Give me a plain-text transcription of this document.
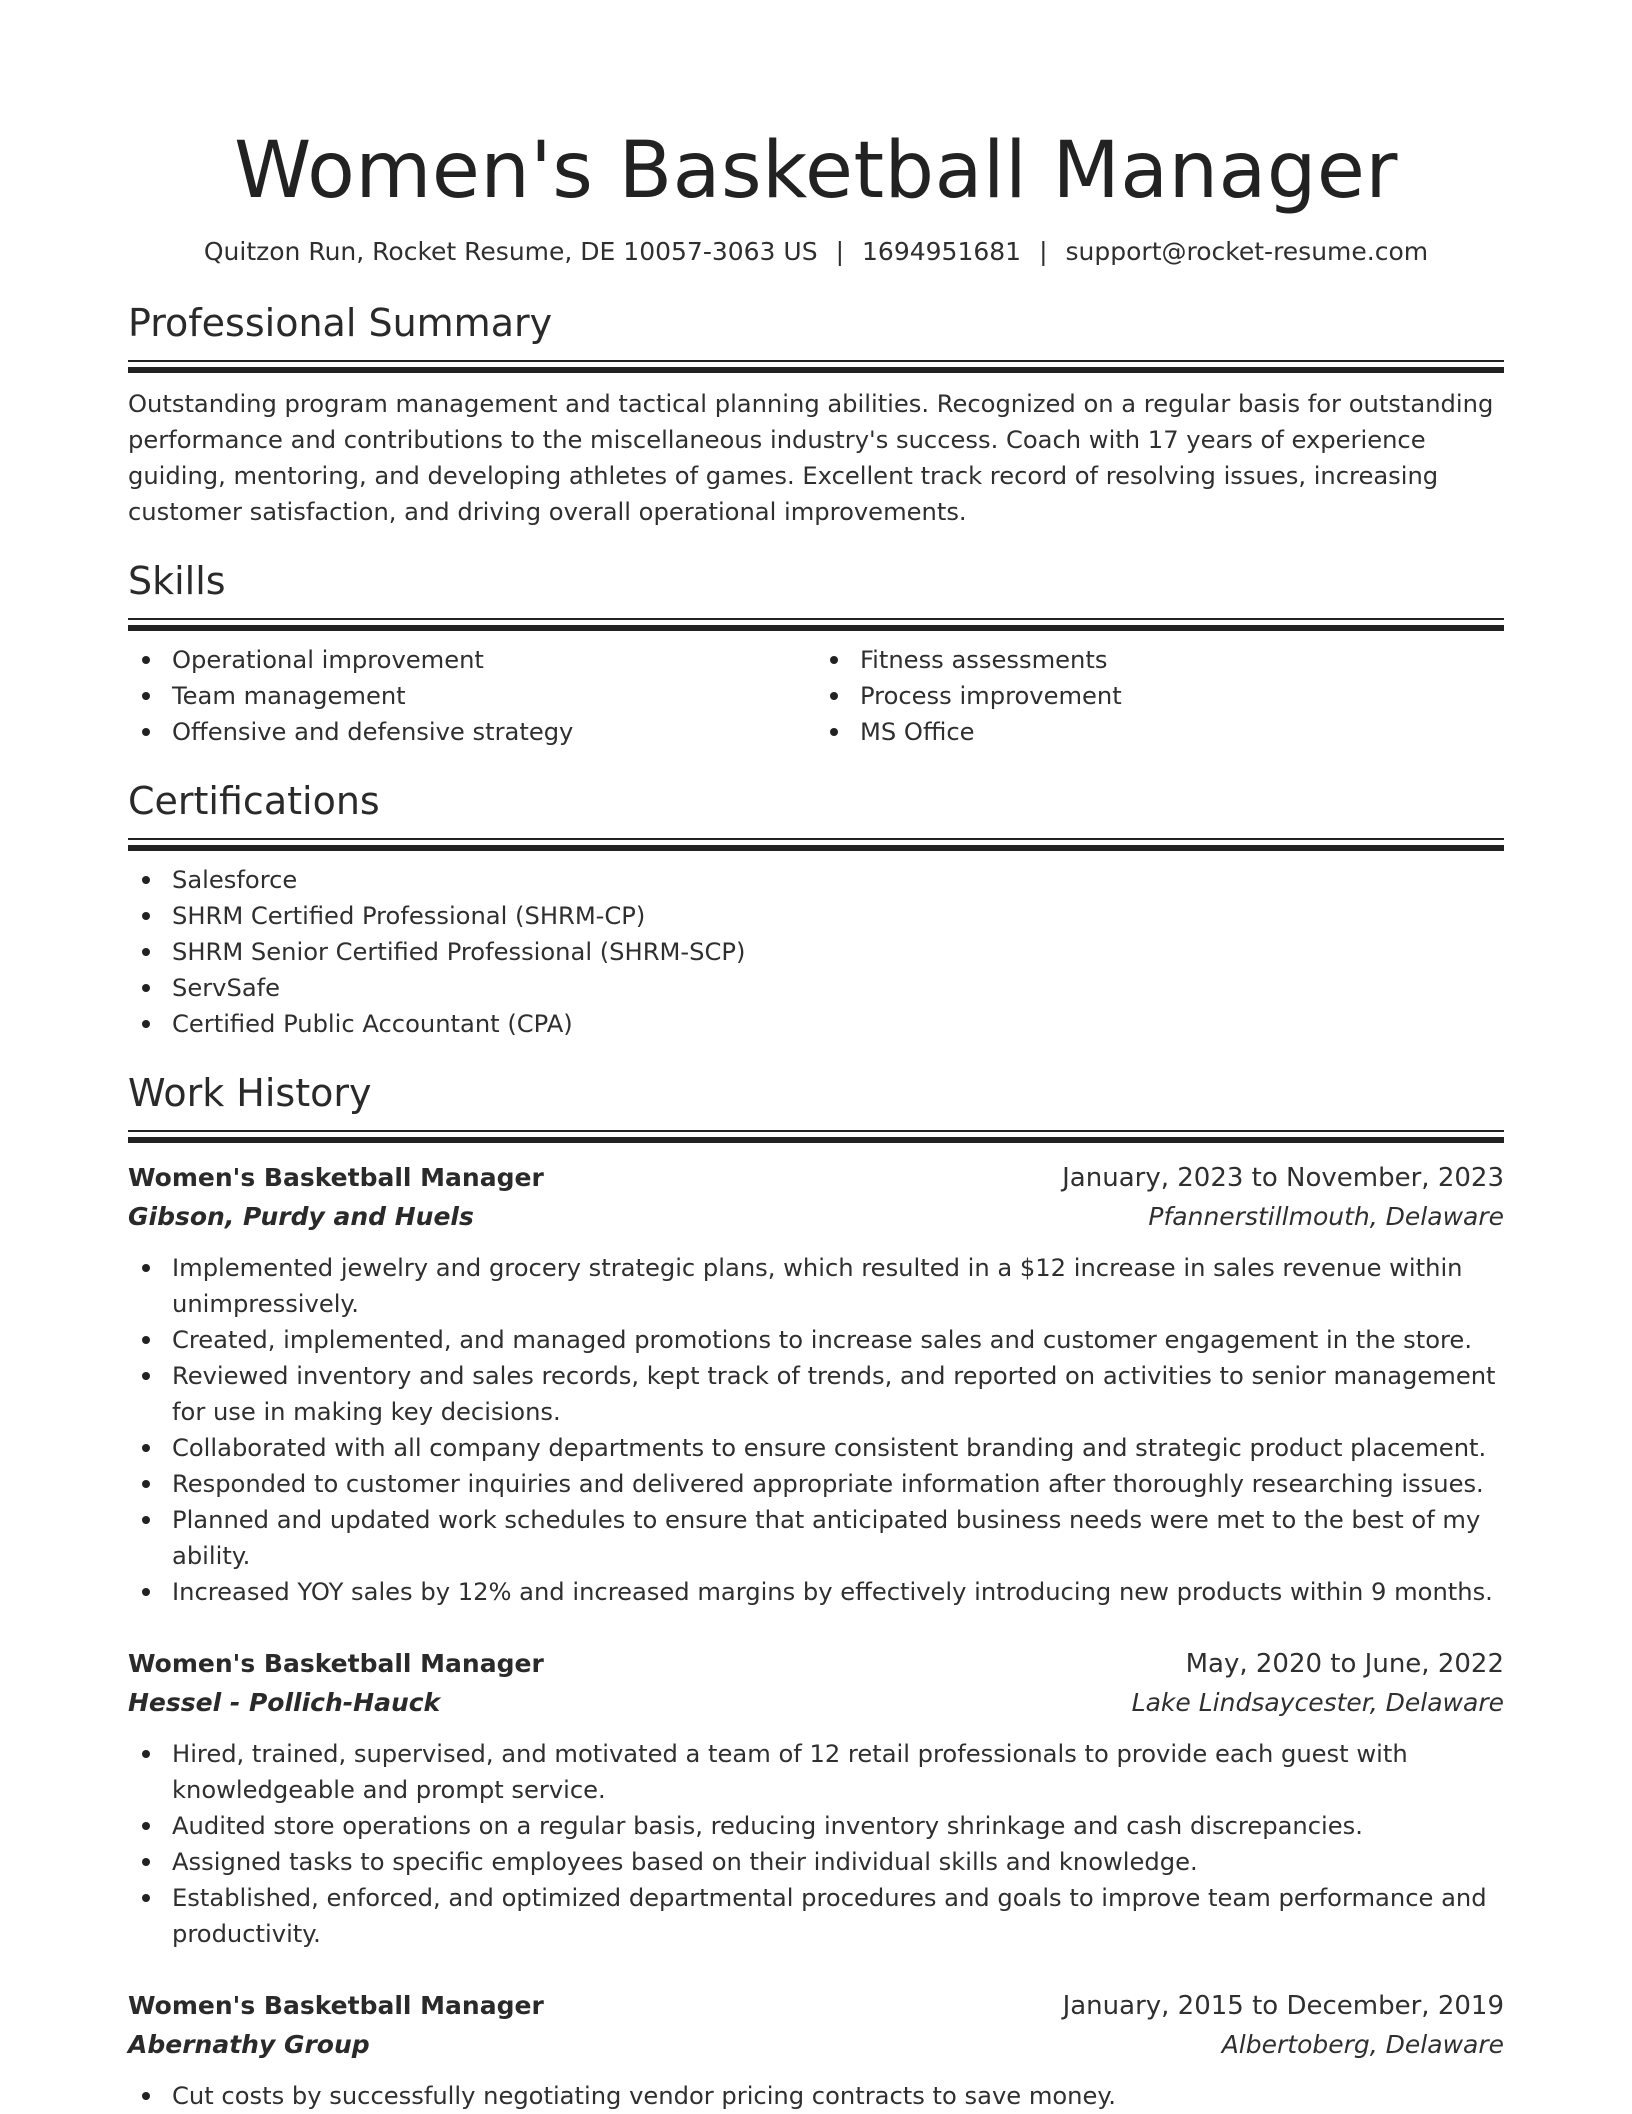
Women's Basketball Manager
Quitzon Run, Rocket Resume, DE 10057-3063 US | 1694951681 | support@rocket-resume.com
Professional Summary

Outstanding program management and tactical planning abilities. Recognized on a regular basis for outstanding performance and contributions to the miscellaneous industry's success. Coach with 17 years of experience guiding, mentoring, and developing athletes of games. Excellent track record of resolving issues, increasing customer satisfaction, and driving overall operational improvements.

Skills
Operational improvement
Team management
Offensive and defensive strategy
Fitness assessments
Process improvement
MS Office
Certifications
Salesforce
SHRM Certified Professional (SHRM-CP)
SHRM Senior Certified Professional (SHRM-SCP)
ServSafe
Certified Public Accountant (CPA)
Work History
Women's Basketball Manager	January, 2023 to November, 2023
Gibson, Purdy and Huels	Pfannerstillmouth, Delaware
Implemented jewelry and grocery strategic plans, which resulted in a $12 increase in sales revenue within unimpressively.
Created, implemented, and managed promotions to increase sales and customer engagement in the store.
Reviewed inventory and sales records, kept track of trends, and reported on activities to senior management for use in making key decisions.
Collaborated with all company departments to ensure consistent branding and strategic product placement.
Responded to customer inquiries and delivered appropriate information after thoroughly researching issues.
Planned and updated work schedules to ensure that anticipated business needs were met to the best of my ability.
Increased YOY sales by 12% and increased margins by effectively introducing new products within 9 months.
Women's Basketball Manager	May, 2020 to June, 2022
Hessel - Pollich-Hauck	Lake Lindsaycester, Delaware
Hired, trained, supervised, and motivated a team of 12 retail professionals to provide each guest with knowledgeable and prompt service.
Audited store operations on a regular basis, reducing inventory shrinkage and cash discrepancies.
Assigned tasks to specific employees based on their individual skills and knowledge.
Established, enforced, and optimized departmental procedures and goals to improve team performance and productivity.
Women's Basketball Manager	January, 2015 to December, 2019
Abernathy Group	Albertoberg, Delaware
Cut costs by successfully negotiating vendor pricing contracts to save money.
